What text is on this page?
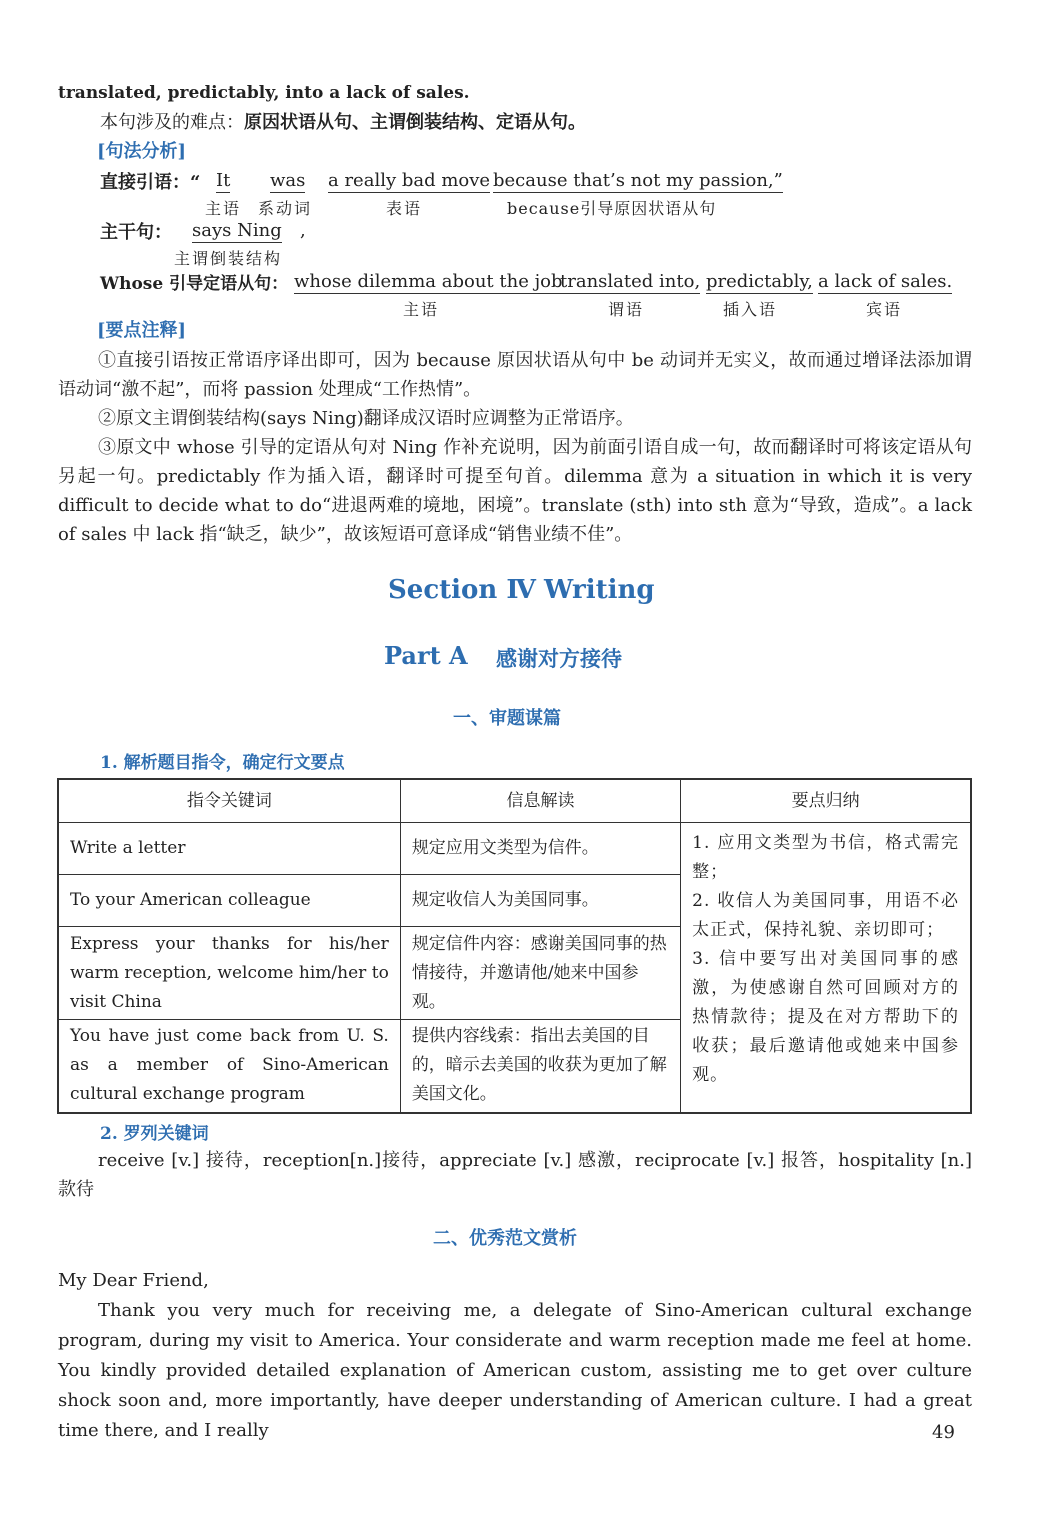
translated, predictably, into a lack of sales.
本句涉及的难点：原因状语从句、主谓倒装结构、定语从句。
[句法分析]
直接引语：“ It was a really bad move because that’s not my passion,”
主语 系动词	表语	because引导原因状语从句
主干句： says Ning ,
主谓倒装结构
Whose 引导定语从句： whose dilemma about the job
translated into, predictably, a lack of sales.
主语	谓语	插入语	宾语
[要点注释]
①直接引语按正常语序译出即可，因为 because 原因状语从句中 be 动词并无实义，故而通过增译法添加谓语动词“激不起”，而将 passion 处理成“工作热情”。
②原文主谓倒装结构(says Ning)翻译成汉语时应调整为正常语序。
③原文中 whose 引导的定语从句对 Ning 作补充说明，因为前面引语自成一句，故而翻译时可将该定语从句另起一句。predictably 作为插入语，翻译时可提至句首。dilemma 意为 a situation in which it is very difficult to decide what to do“进退两难的境地，困境”。translate (sth) into sth 意为“导致，造成”。a lack of sales 中 lack 指“缺乏，缺少”，故该短语可意译成“销售业绩不佳”。
Section Ⅳ Writing
Part A 感谢对方接待
一、审题谋篇
1. 解析题目指令，确定行文要点
指令关键词	信息解读	要点归纳
Write a letter	规定应用文类型为信件。	1. 应用文类型为书信，格式需完整；
2. 收信人为美国同事，用语不必太正式，保持礼貌、亲切即可；
3. 信中要写出对美国同事的感激，为使感谢自然可回顾对方的热情款待；提及在对方帮助下的收获；最后邀请他或她来中国参观。
To your American colleague	规定收信人为美国同事。	
Express your thanks for his/her warm reception, welcome him/her to visit China	规定信件内容：感谢美国同事的热情接待，并邀请他/她来中国参观。	
You have just come back from U. S. as a member of Sino-American cultural exchange program	提供内容线索：指出去美国的目的，暗示去美国的收获为更加了解美国文化。	
2. 罗列关键词
receive [v.] 接待，reception[n.]接待，appreciate [v.] 感激，reciprocate [v.] 报答，hospitality [n.] 款待
二、优秀范文赏析
My Dear Friend,
Thank you very much for receiving me, a delegate of Sino-American cultural exchange program, during my visit to America. Your considerate and warm reception made me feel at home. You kindly provided detailed explanation of American custom, assisting me to get over culture shock soon and, more importantly, have deeper understanding of American culture. I had a great time there, and I really	49
